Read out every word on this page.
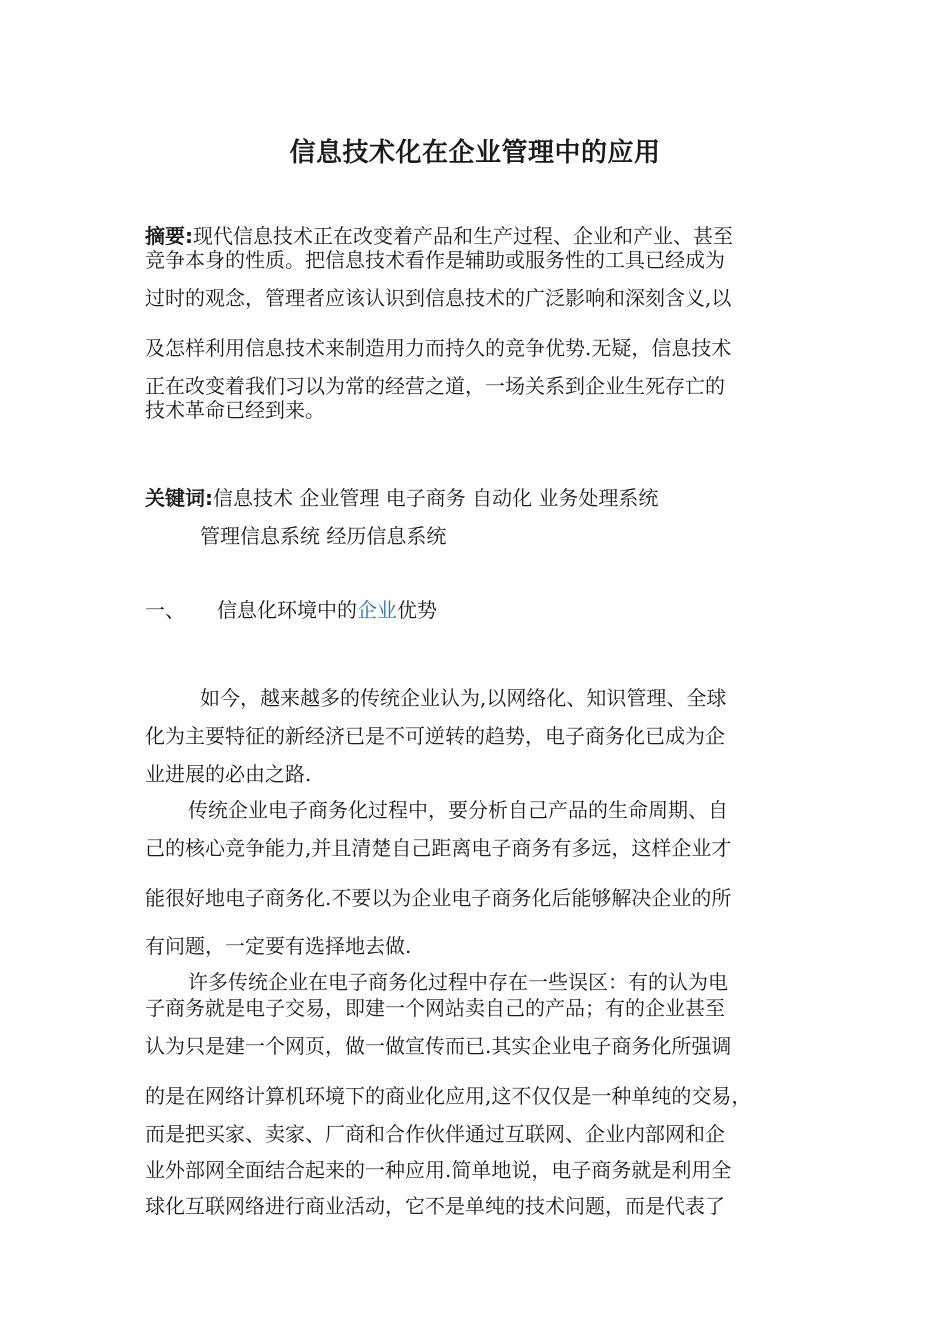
信息技术化在企业管理中的应用
摘要:现代信息技术正在改变着产品和生产过程、企业和产业、甚至
竞争本身的性质。把信息技术看作是辅助或服务性的工具已经成为
过时的观念，管理者应该认识到信息技术的广泛影响和深刻含义,以
及怎样利用信息技术来制造用力而持久的竞争优势.无疑，信息技术
正在改变着我们习以为常的经营之道，一场关系到企业生死存亡的
技术革命已经到来。
关键词:信息技术 企业管理 电子商务 自动化 业务处理系统
管理信息系统 经历信息系统
一、 信息化环境中的企业优势
如今，越来越多的传统企业认为,以网络化、知识管理、全球
化为主要特征的新经济已是不可逆转的趋势，电子商务化已成为企
业进展的必由之路.
传统企业电子商务化过程中，要分析自己产品的生命周期、自
己的核心竞争能力,并且清楚自己距离电子商务有多远，这样企业才
能很好地电子商务化.不要以为企业电子商务化后能够解决企业的所
有问题，一定要有选择地去做.
许多传统企业在电子商务化过程中存在一些误区：有的认为电
子商务就是电子交易，即建一个网站卖自己的产品；有的企业甚至
认为只是建一个网页，做一做宣传而已.其实企业电子商务化所强调
的是在网络计算机环境下的商业化应用,这不仅仅是一种单纯的交易，
而是把买家、卖家、厂商和合作伙伴通过互联网、企业内部网和企
业外部网全面结合起来的一种应用.简单地说，电子商务就是利用全
球化互联网络进行商业活动，它不是单纯的技术问题，而是代表了
